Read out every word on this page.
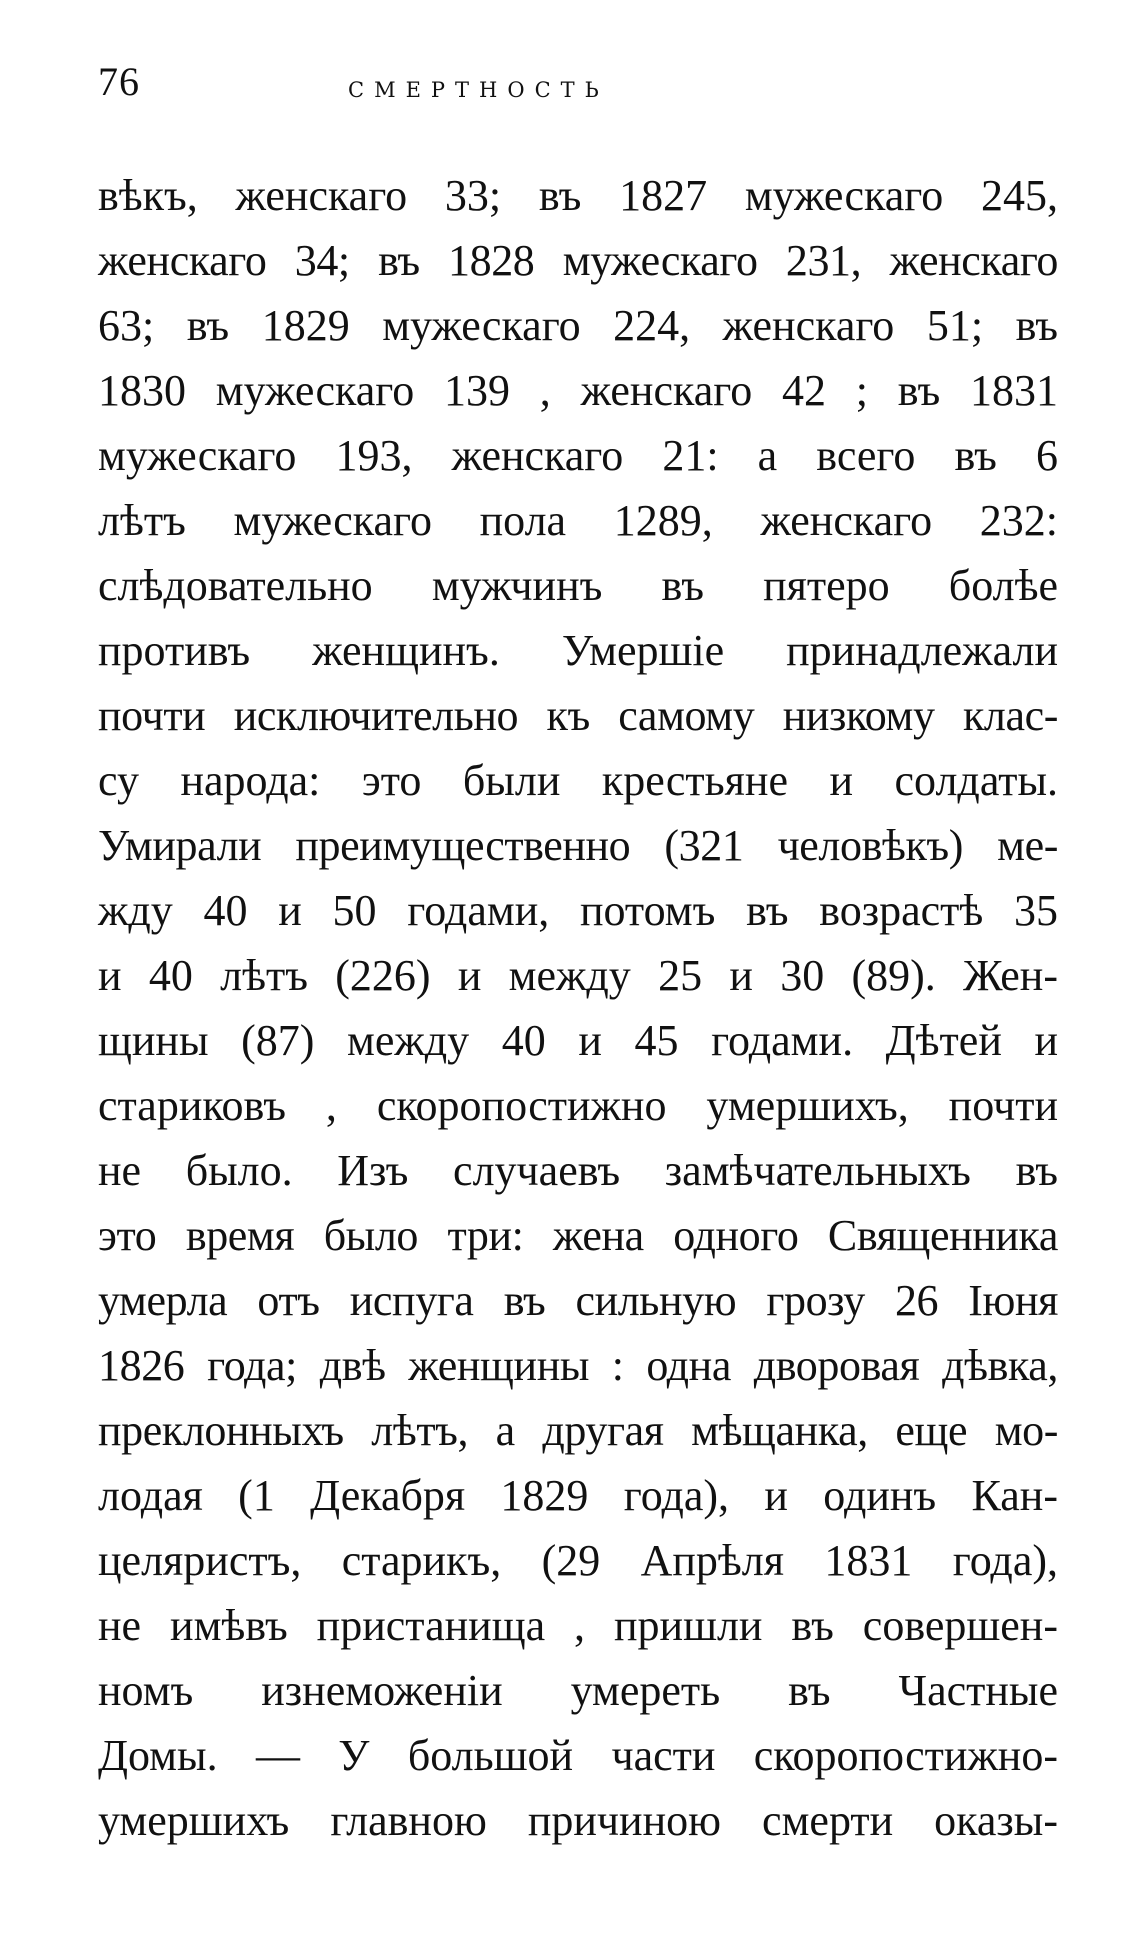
76	СМЕРТНОСТЬ
вѣкъ, женскаго 33; въ 1827 мужескаго 245,
женскаго 34; въ 1828 мужескаго 231, женскаго
63; въ 1829 мужескаго 224, женскаго 51; въ
1830 мужескаго 139 , женскаго 42 ; въ 1831
мужескаго 193, женскаго 21: а всего въ 6
лѣтъ мужескаго пола 1289, женскаго 232:
слѣдовательно мужчинъ въ пятеро болѣе
противъ женщинъ. Умершіе принадлежали
почти исключительно къ самому низкому клас-
су народа: это были крестьяне и солдаты.
Умирали преимущественно (321 человѣкъ) ме-
жду 40 и 50 годами, потомъ въ возрастѣ 35
и 40 лѣтъ (226) и между 25 и 30 (89). Жен-
щины (87) между 40 и 45 годами. Дѣтей и
стариковъ , скоропостижно умершихъ, почти
не было. Изъ случаевъ замѣчательныхъ въ
это время было три: жена одного Священника
умерла отъ испуга въ сильную грозу 26 Іюня
1826 года; двѣ женщины : одна дворовая дѣвка,
преклонныхъ лѣтъ, а другая мѣщанка, еще мо-
лодая (1 Декабря 1829 года), и одинъ Кан-
целяристъ, старикъ, (29 Апрѣля 1831 года),
не имѣвъ пристанища , пришли въ совершен-
номъ изнеможеніи умереть въ Частные
Домы. — У большой части скоропостижно-
умершихъ главною причиною смерти оказы-
